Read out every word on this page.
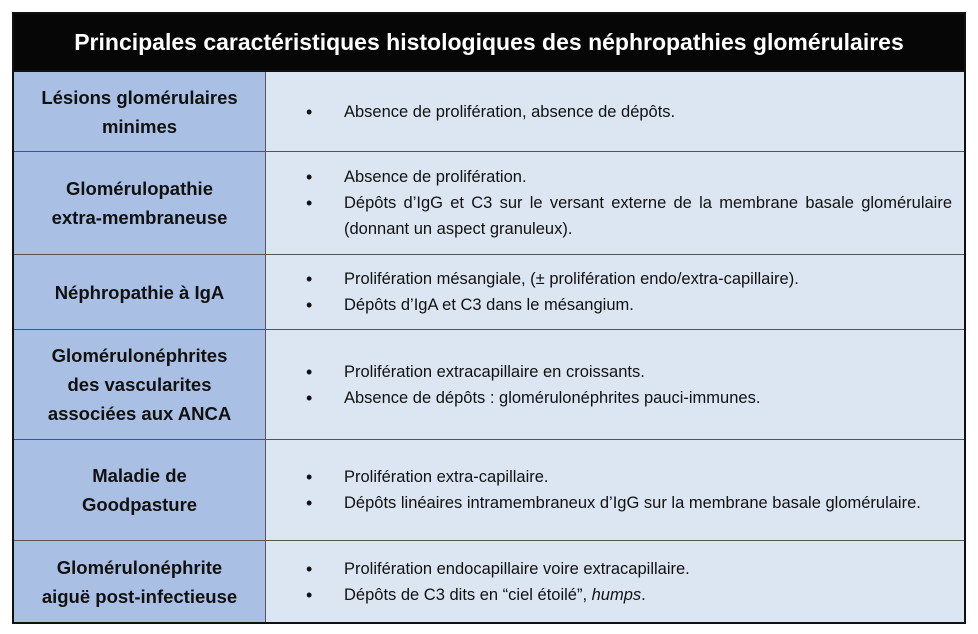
Principales caractéristiques histologiques des néphropathies glomérulaires
Lésions glomérulaires
minimes
• Absence de prolifération, absence de dépôts.
Glomérulopathie
extra-membraneuse
• Absence de prolifération.
• Dépôts d’IgG et C3 sur le versant externe de la membrane basale glomérulaire (donnant un aspect granuleux).
Néphropathie à IgA
• Prolifération mésangiale, (± prolifération endo/extra-capillaire).
• Dépôts d’IgA et C3 dans le mésangium.
Glomérulonéphrites
des vascularites
associées aux ANCA
• Prolifération extracapillaire en croissants.
• Absence de dépôts : glomérulonéphrites pauci-immunes.
Maladie de
Goodpasture
• Prolifération extra-capillaire.
• Dépôts linéaires intramembraneux d’IgG sur la membrane basale glomérulaire.
Glomérulonéphrite
aiguë post-infectieuse
• Prolifération endocapillaire voire extracapillaire.
• Dépôts de C3 dits en “ciel étoilé”, humps.
